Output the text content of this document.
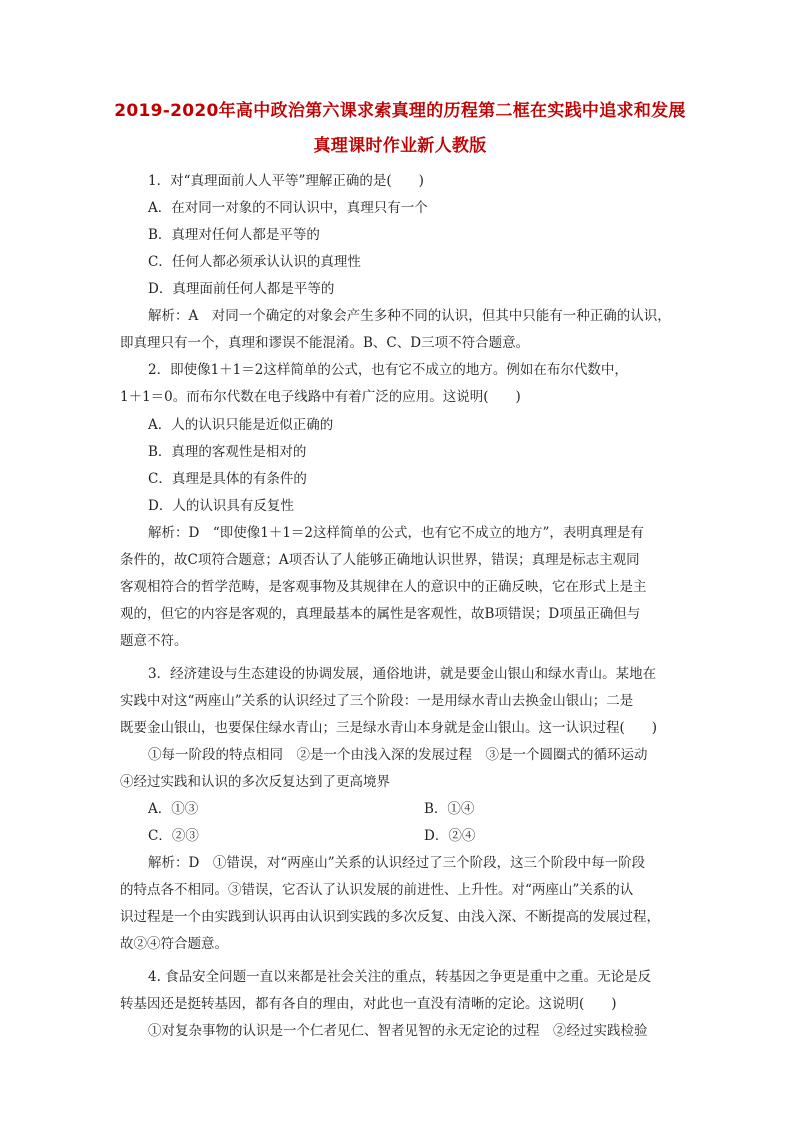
2019-2020年高中政治第六课求索真理的历程第二框在实践中追求和发展
真理课时作业新人教版
1．对“真理面前人人平等”理解正确的是(　　)
A．在对同一对象的不同认识中，真理只有一个
B．真理对任何人都是平等的
C．任何人都必须承认认识的真理性
D．真理面前任何人都是平等的
解析：A　对同一个确定的对象会产生多种不同的认识，但其中只能有一种正确的认识，
即真理只有一个，真理和谬误不能混淆。B、C、D三项不符合题意。
2．即使像1＋1＝2这样简单的公式，也有它不成立的地方。例如在布尔代数中，
1＋1＝0。而布尔代数在电子线路中有着广泛的应用。这说明(　　)
A．人的认识只能是近似正确的
B．真理的客观性是相对的
C．真理是具体的有条件的
D．人的认识具有反复性
解析：D　“即使像1＋1＝2这样简单的公式，也有它不成立的地方”，表明真理是有
条件的，故C项符合题意；A项否认了人能够正确地认识世界，错误；真理是标志主观同
客观相符合的哲学范畴，是客观事物及其规律在人的意识中的正确反映，它在形式上是主
观的，但它的内容是客观的，真理最基本的属性是客观性，故B项错误；D项虽正确但与
题意不符。
3．经济建设与生态建设的协调发展，通俗地讲，就是要金山银山和绿水青山。某地在
实践中对这“两座山”关系的认识经过了三个阶段：一是用绿水青山去换金山银山；二是
既要金山银山，也要保住绿水青山；三是绿水青山本身就是金山银山。这一认识过程(　　)
①每一阶段的特点相同　②是一个由浅入深的发展过程　③是一个圆圈式的循环运动
④经过实践和认识的多次反复达到了更高境界
A．①③	B．①④
C．②③	D．②④
解析：D　①错误，对“两座山”关系的认识经过了三个阶段，这三个阶段中每一阶段
的特点各不相同。③错误，它否认了认识发展的前进性、上升性。对“两座山”关系的认
识过程是一个由实践到认识再由认识到实践的多次反复、由浅入深、不断提高的发展过程，
故②④符合题意。
4. 食品安全问题一直以来都是社会关注的重点，转基因之争更是重中之重。无论是反
转基因还是挺转基因，都有各自的理由，对此也一直没有清晰的定论。这说明(　　)
①对复杂事物的认识是一个仁者见仁、智者见智的永无定论的过程　②经过实践检验
